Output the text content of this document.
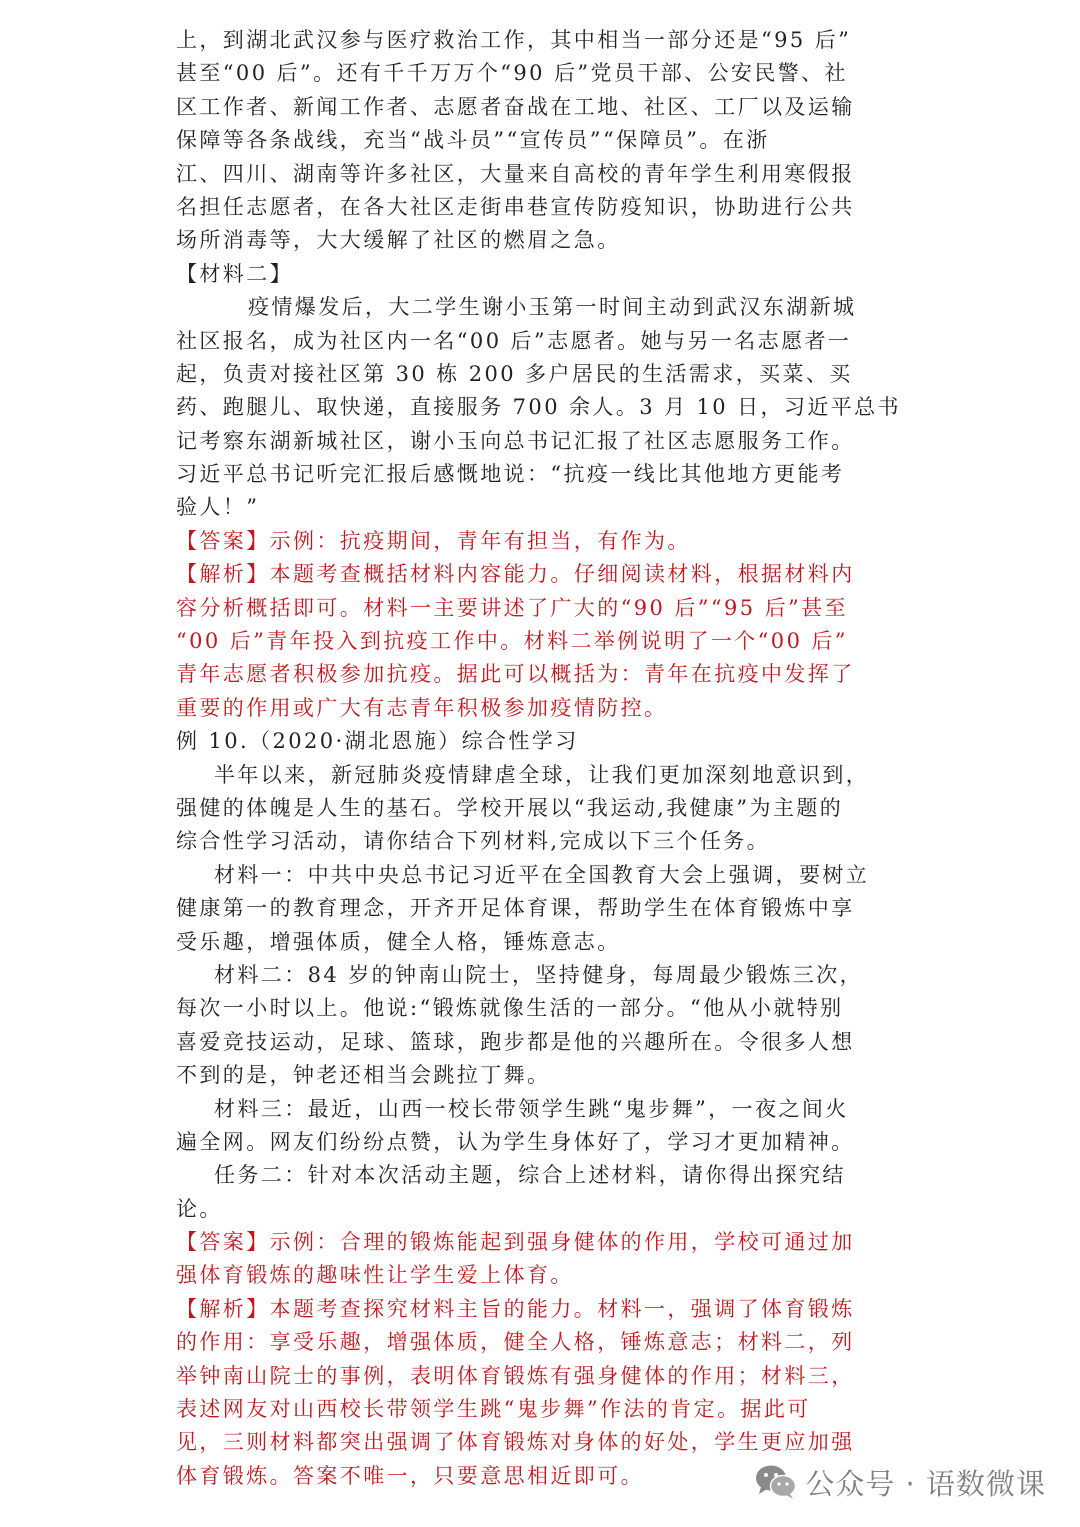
上，到湖北武汉参与医疗救治工作，其中相当一部分还是“95 后”
甚至“00 后”。还有千千万万个“90 后”党员干部、公安民警、社
区工作者、新闻工作者、志愿者奋战在工地、社区、工厂以及运输
保障等各条战线，充当“战斗员”“宣传员”“保障员”。在浙
江、四川、湖南等许多社区，大量来自高校的青年学生利用寒假报
名担任志愿者，在各大社区走街串巷宣传防疫知识，协助进行公共
场所消毒等，大大缓解了社区的燃眉之急。
【材料二】
疫情爆发后，大二学生谢小玉第一时间主动到武汉东湖新城
社区报名，成为社区内一名“00 后”志愿者。她与另一名志愿者一
起，负责对接社区第 30 栋 200 多户居民的生活需求，买菜、买
药、跑腿儿、取快递，直接服务 700 余人。3 月 10 日，习近平总书
记考察东湖新城社区，谢小玉向总书记汇报了社区志愿服务工作。
习近平总书记听完汇报后感慨地说：“抗疫一线比其他地方更能考
验人！”
【答案】示例：抗疫期间，青年有担当，有作为。
【解析】本题考查概括材料内容能力。仔细阅读材料，根据材料内
容分析概括即可。材料一主要讲述了广大的“90 后”“95 后”甚至
“00 后”青年投入到抗疫工作中。材料二举例说明了一个“00 后”
青年志愿者积极参加抗疫。据此可以概括为：青年在抗疫中发挥了
重要的作用或广大有志青年积极参加疫情防控。
例 10.（2020·湖北恩施）综合性学习
半年以来，新冠肺炎疫情肆虐全球，让我们更加深刻地意识到，
强健的体魄是人生的基石。学校开展以“我运动,我健康”为主题的
综合性学习活动，请你结合下列材料,完成以下三个任务。
材料一：中共中央总书记习近平在全国教育大会上强调，要树立
健康第一的教育理念，开齐开足体育课，帮助学生在体育锻炼中享
受乐趣，增强体质，健全人格，锤炼意志。
材料二：84 岁的钟南山院士，坚持健身，每周最少锻炼三次，
每次一小时以上。他说:“锻炼就像生活的一部分。“他从小就特别
喜爱竞技运动，足球、篮球，跑步都是他的兴趣所在。令很多人想
不到的是，钟老还相当会跳拉丁舞。
材料三：最近，山西一校长带领学生跳“鬼步舞”，一夜之间火
遍全网。网友们纷纷点赞，认为学生身体好了，学习才更加精神。
任务二：针对本次活动主题，综合上述材料，请你得出探究结
论。
【答案】示例：合理的锻炼能起到强身健体的作用，学校可通过加
强体育锻炼的趣味性让学生爱上体育。
【解析】本题考查探究材料主旨的能力。材料一，强调了体育锻炼
的作用：享受乐趣，增强体质，健全人格，锤炼意志；材料二，列
举钟南山院士的事例，表明体育锻炼有强身健体的作用；材料三，
表述网友对山西校长带领学生跳“鬼步舞”作法的肯定。据此可
见，三则材料都突出强调了体育锻炼对身体的好处，学生更应加强
体育锻炼。答案不唯一，只要意思相近即可。	公众号 · 语数微课
